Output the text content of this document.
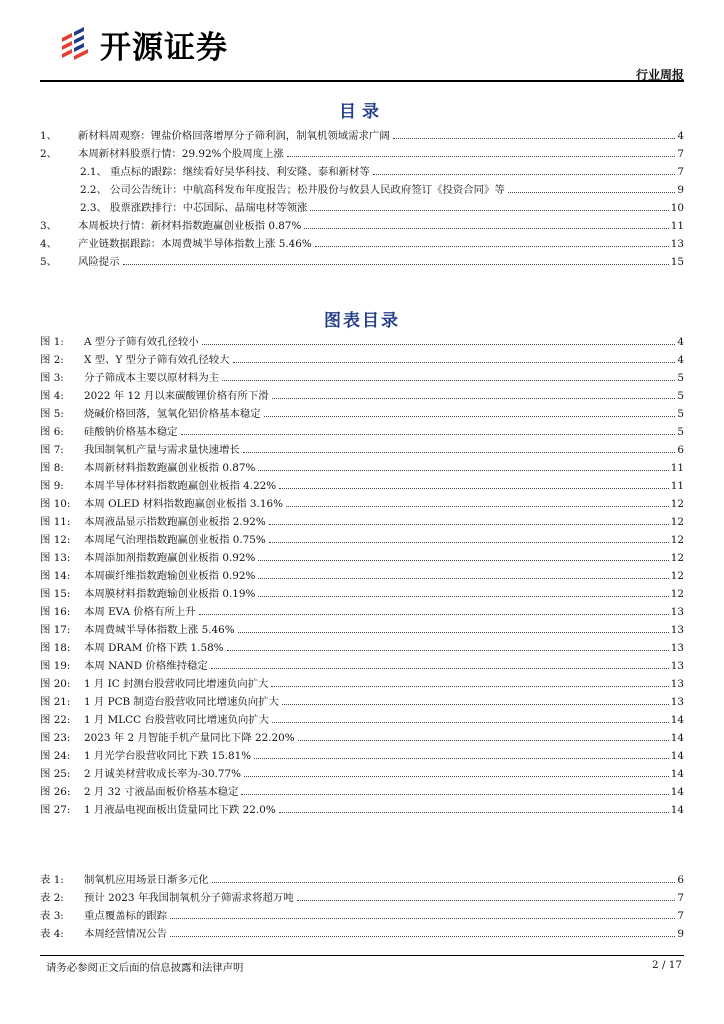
开源证券
行业周报
目录
1、	新材料周观察：锂盐价格回落增厚分子筛利润，制氧机领域需求广阔	4
2、	本周新材料股票行情：29.92%个股周度上涨	7
2.1、 重点标的跟踪：继续看好昊华科技、利安隆、泰和新材等	7
2.2、 公司公告统计：中航高科发布年度报告；松井股份与攸县人民政府签订《投资合同》等	9
2.3、 股票涨跌排行：中芯国际、晶瑞电材等领涨	10
3、	本周板块行情：新材料指数跑赢创业板指 0.87%	11
4、	产业链数据跟踪：本周费城半导体指数上涨 5.46%	13
5、	风险提示	15
图表目录
图 1:	A 型分子筛有效孔径较小	4
图 2:	X 型、Y 型分子筛有效孔径较大	4
图 3:	分子筛成本主要以原材料为主	5
图 4:	2022 年 12 月以来碳酸锂价格有所下滑	5
图 5:	烧碱价格回落，氢氧化铝价格基本稳定	5
图 6:	硅酸钠价格基本稳定	5
图 7:	我国制氧机产量与需求量快速增长	6
图 8:	本周新材料指数跑赢创业板指 0.87%	11
图 9:	本周半导体材料指数跑赢创业板指 4.22%	11
图 10:	本周 OLED 材料指数跑赢创业板指 3.16%	12
图 11:	本周液晶显示指数跑赢创业板指 2.92%	12
图 12:	本周尾气治理指数跑赢创业板指 0.75%	12
图 13:	本周添加剂指数跑赢创业板指 0.92%	12
图 14:	本周碳纤维指数跑输创业板指 0.92%	12
图 15:	本周膜材料指数跑输创业板指 0.19%	12
图 16:	本周 EVA 价格有所上升	13
图 17:	本周费城半导体指数上涨 5.46%	13
图 18:	本周 DRAM 价格下跌 1.58%	13
图 19:	本周 NAND 价格维持稳定	13
图 20:	1 月 IC 封测台股营收同比增速负向扩大	13
图 21:	1 月 PCB 制造台股营收同比增速负向扩大	13
图 22:	1 月 MLCC 台股营收同比增速负向扩大	14
图 23:	2023 年 2 月智能手机产量同比下降 22.20%	14
图 24:	1 月光学台股营收同比下跌 15.81%	14
图 25:	2 月诚美材营收成长率为-30.77%	14
图 26:	2 月 32 寸液晶面板价格基本稳定	14
图 27:	1 月液晶电视面板出货量同比下跌 22.0%	14
表 1:	制氧机应用场景日渐多元化	6
表 2:	预计 2023 年我国制氧机分子筛需求将超万吨	7
表 3:	重点覆盖标的跟踪	7
表 4:	本周经营情况公告	9
请务必参阅正文后面的信息披露和法律声明	2 / 17
